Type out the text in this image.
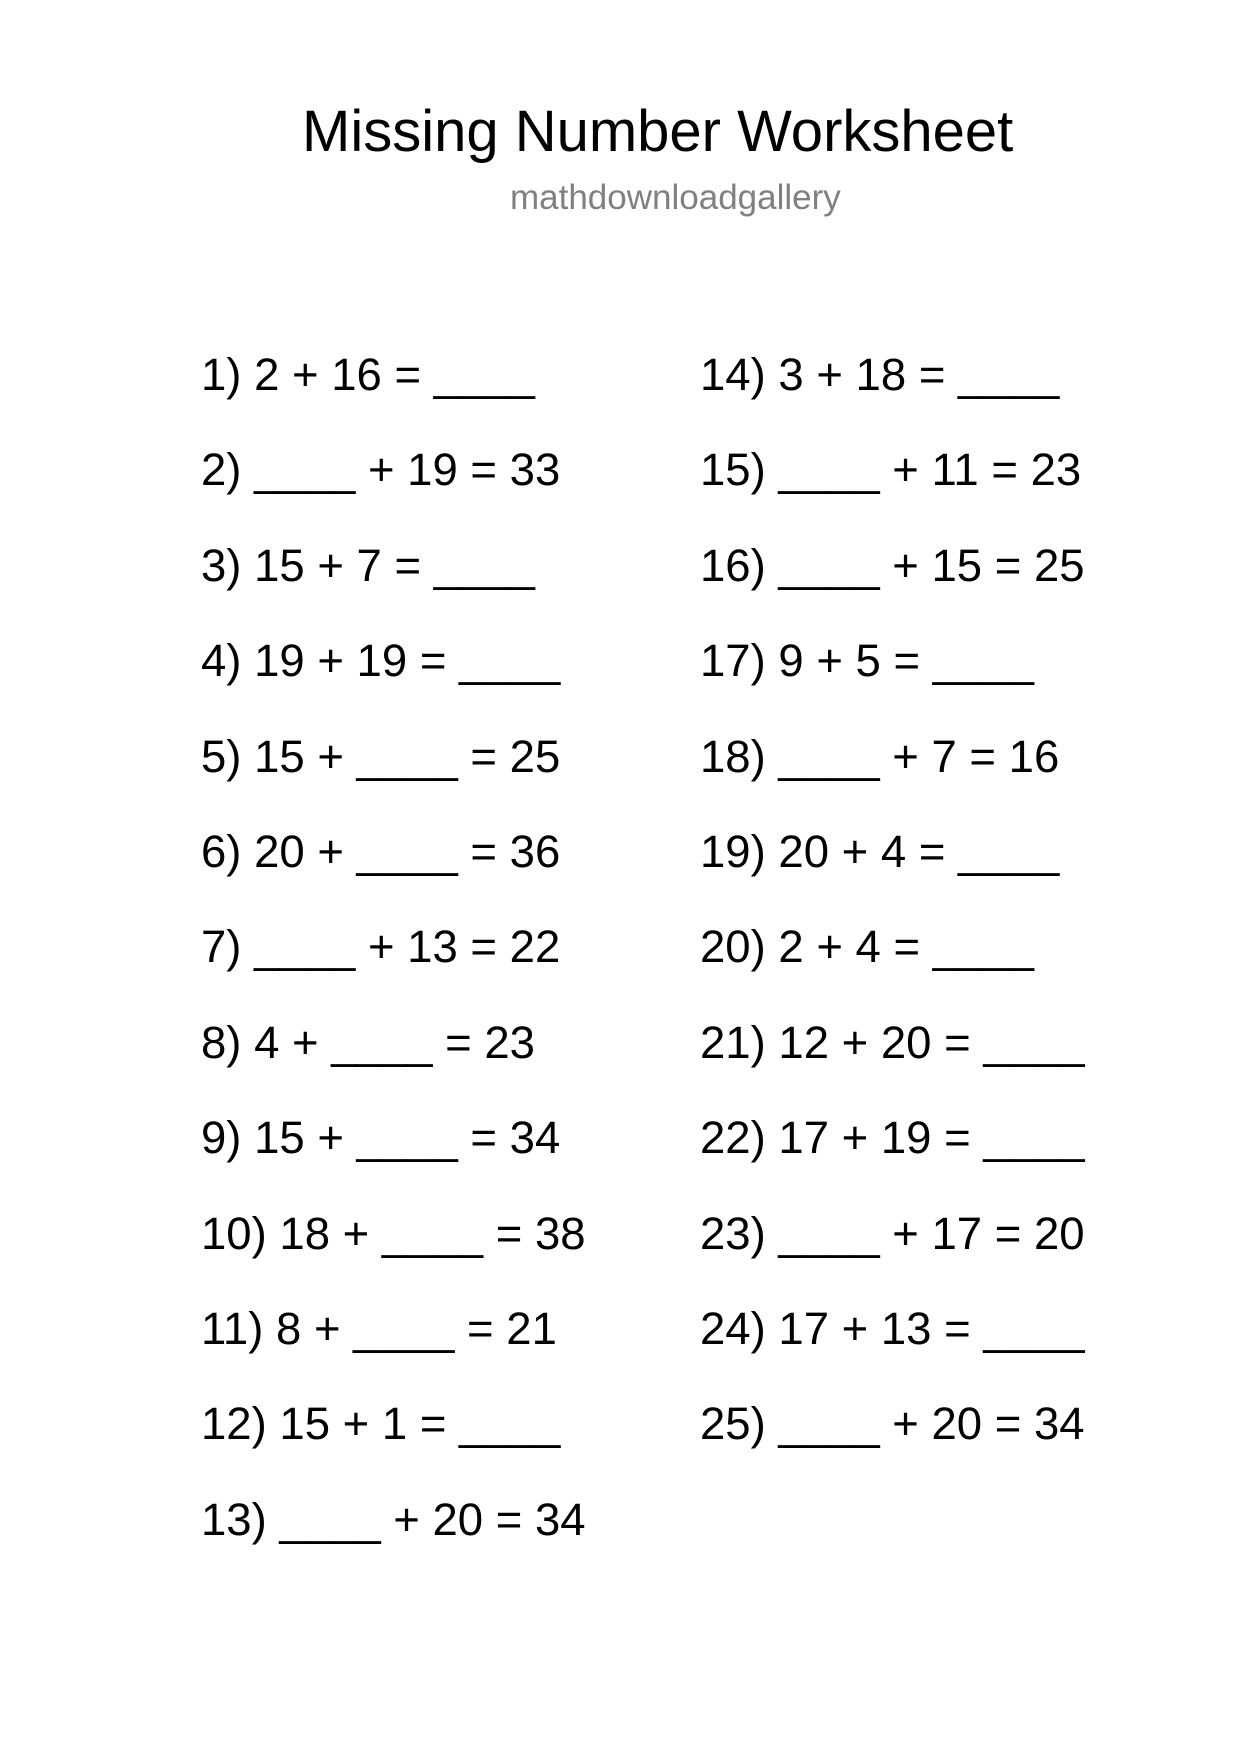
Missing Number Worksheet
mathdownloadgallery
1) 2 + 16 = ____
2) ____ + 19 = 33
3) 15 + 7 = ____
4) 19 + 19 = ____
5) 15 + ____ = 25
6) 20 + ____ = 36
7) ____ + 13 = 22
8) 4 + ____ = 23
9) 15 + ____ = 34
10) 18 + ____ = 38
11) 8 + ____ = 21
12) 15 + 1 = ____
13) ____ + 20 = 34
14) 3 + 18 = ____
15) ____ + 11 = 23
16) ____ + 15 = 25
17) 9 + 5 = ____
18) ____ + 7 = 16
19) 20 + 4 = ____
20) 2 + 4 = ____
21) 12 + 20 = ____
22) 17 + 19 = ____
23) ____ + 17 = 20
24) 17 + 13 = ____
25) ____ + 20 = 34
